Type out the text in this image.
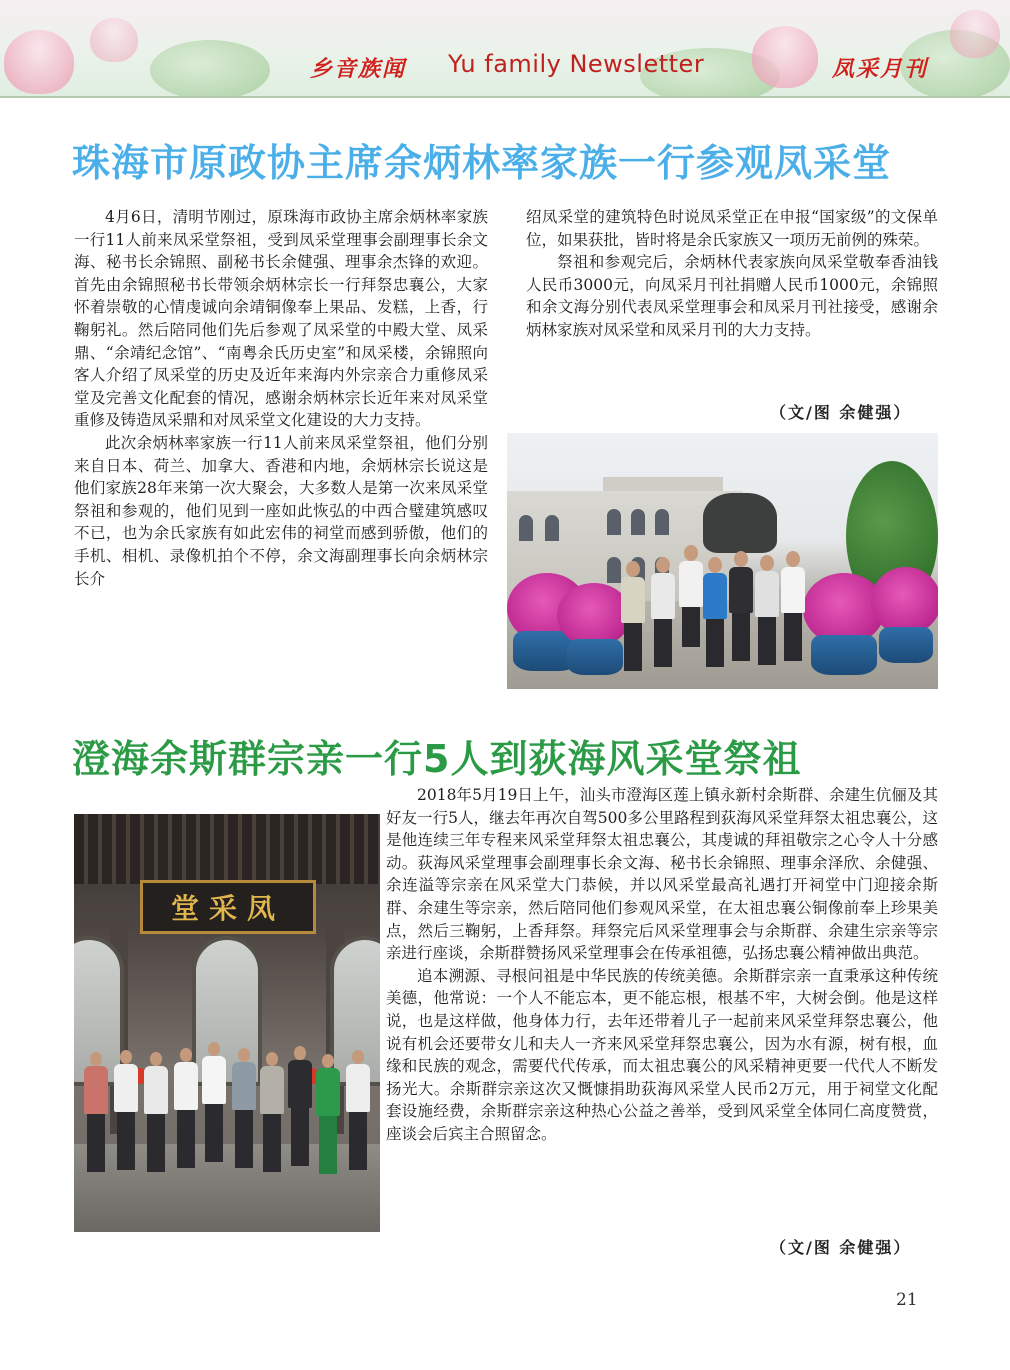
乡音族闻 Yu family Newsletter	凤采月刊
珠海市原政协主席余炳林率家族一行参观凤采堂

4月6日，清明节刚过，原珠海市政协主席余炳林率家族一行11人前来凤采堂祭祖，受到凤采堂理事会副理事长余文海、秘书长余锦照、副秘书长余健强、理事余杰锋的欢迎。首先由余锦照秘书长带领余炳林宗长一行拜祭忠襄公，大家怀着崇敬的心情虔诚向余靖铜像奉上果品、发糕，上香，行鞠躬礼。然后陪同他们先后参观了凤采堂的中殿大堂、凤采鼎、“余靖纪念馆”、“南粤余氏历史室”和凤采楼，余锦照向客人介绍了凤采堂的历史及近年来海内外宗亲合力重修凤采堂及完善文化配套的情况，感谢余炳林宗长近年来对凤采堂重修及铸造凤采鼎和对凤采堂文化建设的大力支持。

此次余炳林率家族一行11人前来凤采堂祭祖，他们分别来自日本、荷兰、加拿大、香港和内地，余炳林宗长说这是他们家族28年来第一次大聚会，大多数人是第一次来凤采堂祭祖和参观的，他们见到一座如此恢弘的中西合璧建筑感叹不已，也为余氏家族有如此宏伟的祠堂而感到骄傲，他们的手机、相机、录像机拍个不停，余文海副理事长向余炳林宗长介

绍凤采堂的建筑特色时说凤采堂正在申报“国家级”的文保单位，如果获批，皆时将是余氏家族又一项历无前例的殊荣。

祭祖和参观完后，余炳林代表家族向凤采堂敬奉香油钱人民币3000元，向凤采月刊社捐赠人民币1000元，余锦照和余文海分别代表凤采堂理事会和凤采月刊社接受，感谢余炳林家族对凤采堂和凤采月刊的大力支持。

（文/图 余健强）
澄海余斯群宗亲一行5人到荻海风采堂祭祖
堂采凤

2018年5月19日上午，汕头市澄海区莲上镇永新村余斯群、余建生伉俪及其好友一行5人，继去年再次自驾500多公里路程到荻海风采堂拜祭太祖忠襄公，这是他连续三年专程来风采堂拜祭太祖忠襄公，其虔诚的拜祖敬宗之心令人十分感动。荻海风采堂理事会副理事长余文海、秘书长余锦照、理事余泽欣、余健强、余连溢等宗亲在风采堂大门恭候，并以风采堂最高礼遇打开祠堂中门迎接余斯群、余建生等宗亲，然后陪同他们参观风采堂，在太祖忠襄公铜像前奉上珍果美点，然后三鞠躬，上香拜祭。拜祭完后风采堂理事会与余斯群、余建生宗亲等宗亲进行座谈，余斯群赞扬风采堂理事会在传承祖德，弘扬忠襄公精神做出典范。

追本溯源、寻根问祖是中华民族的传统美德。余斯群宗亲一直秉承这种传统美德，他常说：一个人不能忘本，更不能忘根，根基不牢，大树会倒。他是这样说，也是这样做，他身体力行，去年还带着儿子一起前来风采堂拜祭忠襄公，他说有机会还要带女儿和夫人一齐来风采堂拜祭忠襄公，因为水有源，树有根，血缘和民族的观念，需要代代传承，而太祖忠襄公的风采精神更要一代代人不断发扬光大。余斯群宗亲这次又慨慷捐助荻海风采堂人民币2万元，用于祠堂文化配套设施经费，余斯群宗亲这种热心公益之善举，受到风采堂全体同仁高度赞赏，座谈会后宾主合照留念。

（文/图 余健强）
21
